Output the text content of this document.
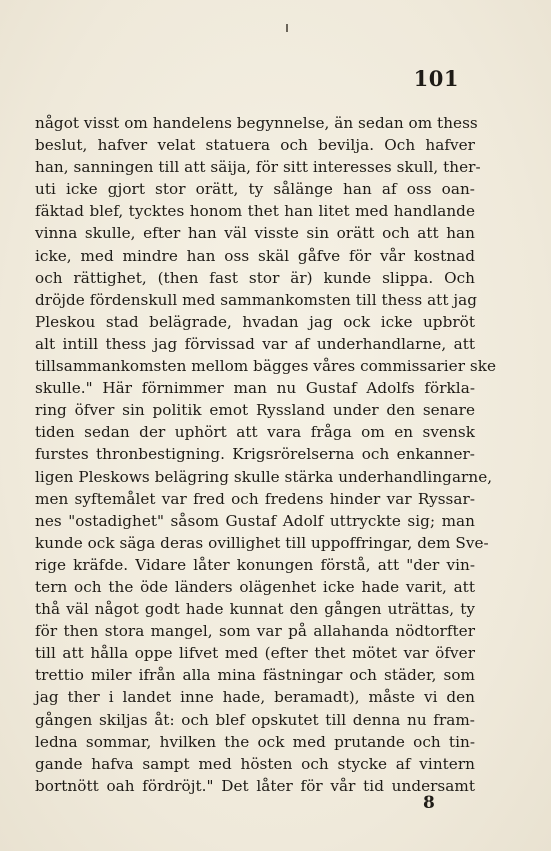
101
något visst om handelens begynnelse, än sedan om thess
beslut, hafver velat statuera och bevilja. Och hafver
han, sanningen till att säija, för sitt interesses skull, ther-
uti icke gjort stor orätt, ty sålänge han af oss oan-
fäktad blef, tycktes honom thet han litet med handlande
vinna skulle, efter han väl visste sin orätt och att han
icke, med mindre han oss skäl gåfve för vår kostnad
och rättighet, (then fast stor är) kunde slippa. Och
dröjde fördenskull med sammankomsten till thess att jag
Pleskou stad belägrade, hvadan jag ock icke upbröt
alt intill thess jag förvissad var af underhandlarne, att
tillsammankomsten mellom bägges våres commissarier ske
skulle." Här förnimmer man nu Gustaf Adolfs förkla-
ring öfver sin politik emot Ryssland under den senare
tiden sedan der uphört att vara fråga om en svensk
furstes thronbestigning. Krigsrörelserna och enkanner-
ligen Pleskows belägring skulle stärka underhandlingarne,
men syftemålet var fred och fredens hinder var Ryssar-
nes "ostadighet" såsom Gustaf Adolf uttryckte sig; man
kunde ock säga deras ovillighet till uppoffringar, dem Sve-
rige kräfde. Vidare låter konungen förstå, att "der vin-
tern och the öde länders olägenhet icke hade varit, att
thå väl något godt hade kunnat den gången uträttas, ty
för then stora mangel, som var på allahanda nödtorfter
till att hålla oppe lifvet med (efter thet mötet var öfver
trettio miler ifrån alla mina fästningar och städer, som
jag ther i landet inne hade, beramadt), måste vi den
gången skiljas åt: och blef opskutet till denna nu fram-
ledna sommar, hvilken the ock med prutande och tin-
gande hafva sampt med hösten och stycke af vintern
bortnött oah fördröjt." Det låter för vår tid undersamt
8
